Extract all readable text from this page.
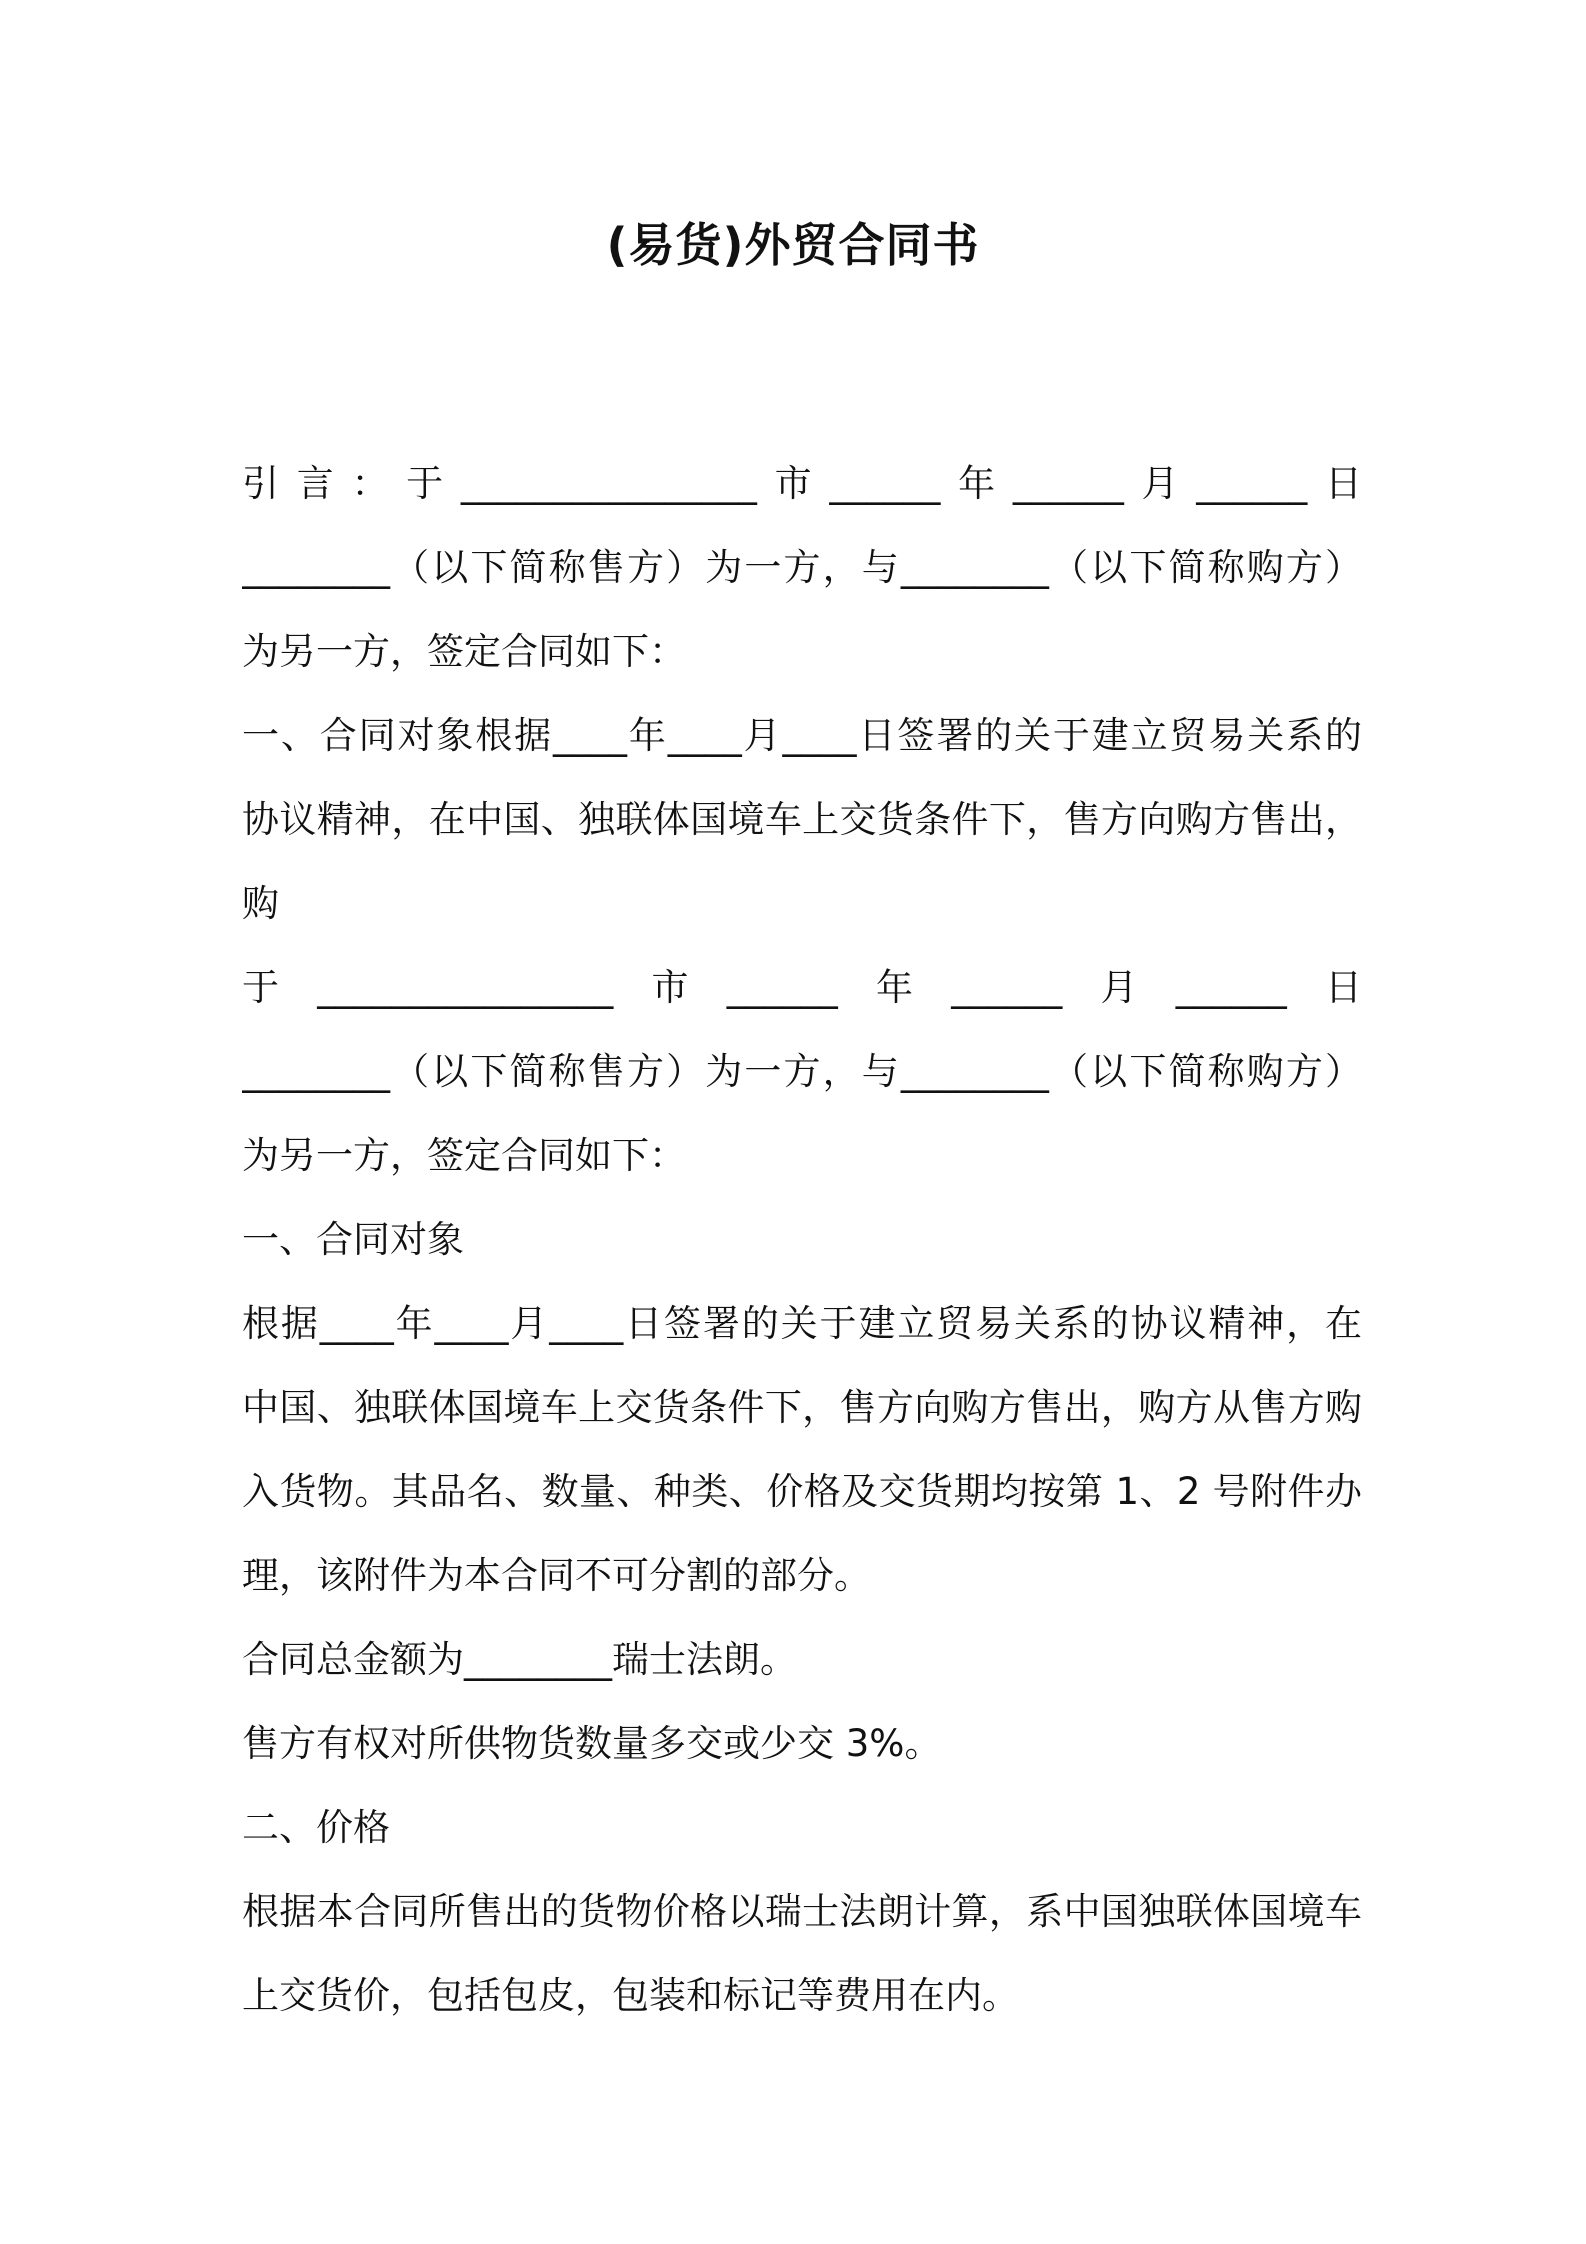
(易货)外贸合同书

引言：于________________市______年______月______日

________（以下简称售方）为一方，与________（以下简称购方）

为另一方，签定合同如下：

一、合同对象根据____年____月____日签署的关于建立贸易关系的

协议精神，在中国、独联体国境车上交货条件下，售方向购方售出，

购

于________________市______年______月______日

________（以下简称售方）为一方，与________（以下简称购方）

为另一方，签定合同如下：

一、合同对象

根据____年____月____日签署的关于建立贸易关系的协议精神，在

中国、独联体国境车上交货条件下，售方向购方售出，购方从售方购

入货物。其品名、数量、种类、价格及交货期均按第 1、2 号附件办

理，该附件为本合同不可分割的部分。

合同总金额为________瑞士法朗。

售方有权对所供物货数量多交或少交 3%。

二、价格

根据本合同所售出的货物价格以瑞士法朗计算，系中国独联体国境车

上交货价，包括包皮，包装和标记等费用在内。
